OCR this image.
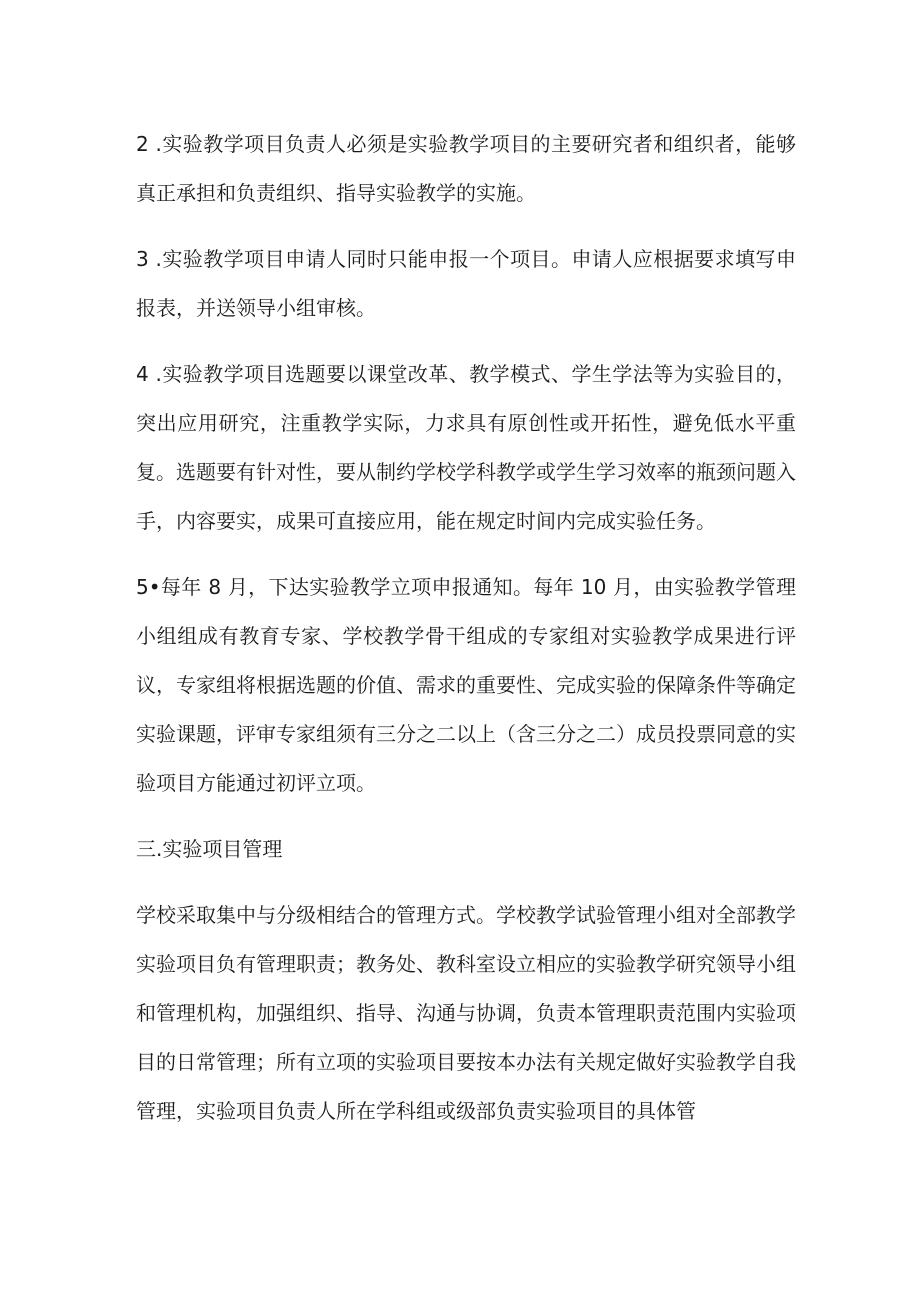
2 .实验教学项目负责人必须是实验教学项目的主要研究者和组织者，能够真正承担和负责组织、指导实验教学的实施。

3 .实验教学项目申请人同时只能申报一个项目。申请人应根据要求填写申报表，并送领导小组审核。

4 .实验教学项目选题要以课堂改革、教学模式、学生学法等为实验目的，突出应用研究，注重教学实际，力求具有原创性或开拓性，避免低水平重复。选题要有针对性，要从制约学校学科教学或学生学习效率的瓶颈问题入手，内容要实，成果可直接应用，能在规定时间内完成实验任务。

5•每年 8 月，下达实验教学立项申报通知。每年 10 月，由实验教学管理小组组成有教育专家、学校教学骨干组成的专家组对实验教学成果进行评议，专家组将根据选题的价值、需求的重要性、完成实验的保障条件等确定实验课题，评审专家组须有三分之二以上（含三分之二）成员投票同意的实验项目方能通过初评立项。

三.实验项目管理

学校采取集中与分级相结合的管理方式。学校教学试验管理小组对全部教学实验项目负有管理职责；教务处、教科室设立相应的实验教学研究领导小组和管理机构，加强组织、指导、沟通与协调，负责本管理职责范围内实验项目的日常管理；所有立项的实验项目要按本办法有关规定做好实验教学自我管理，实验项目负责人所在学科组或级部负责实验项目的具体管
